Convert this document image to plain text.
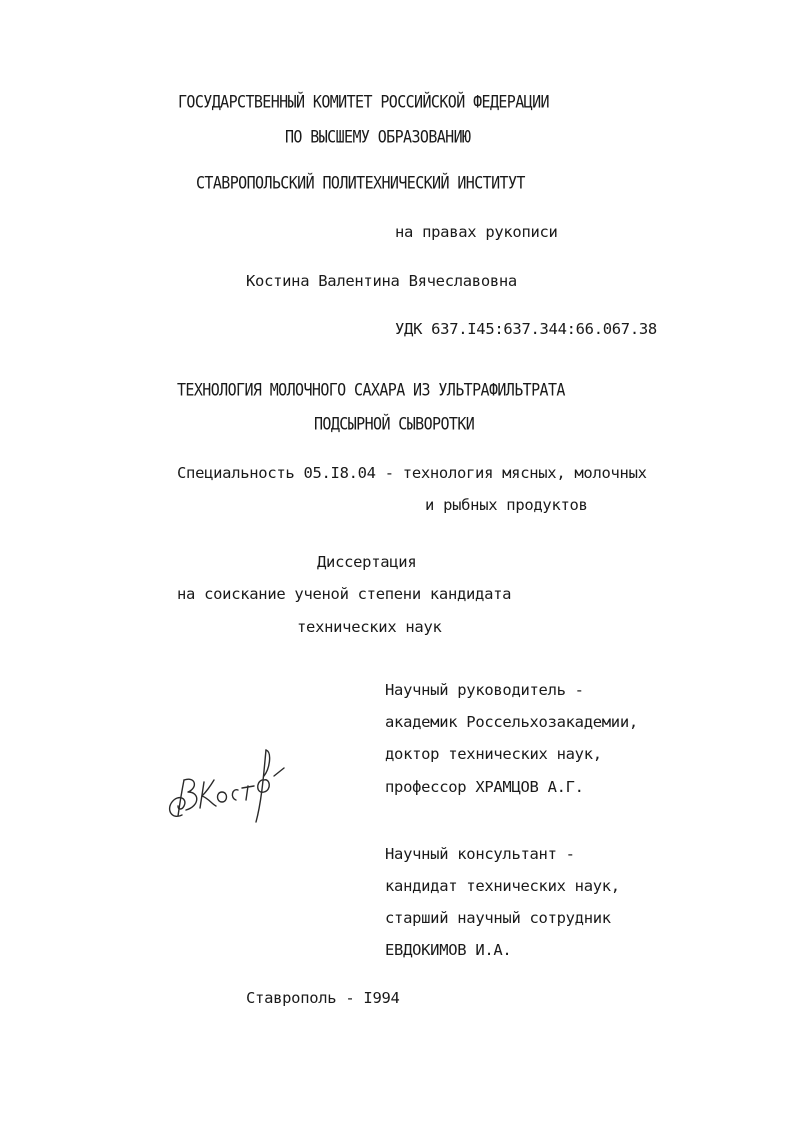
ГОСУДАРСТВЕННЫЙ КОМИТЕТ РОССИЙСКОЙ ФЕДЕРАЦИИ
ПО ВЫСШЕМУ ОБРАЗОВАНИЮ
СТАВРОПОЛЬСКИЙ ПОЛИТЕХНИЧЕСКИЙ ИНСТИТУТ
на правах рукописи
Костина Валентина Вячеславовна
УДК 637.I45:637.344:66.067.38
ТЕХНОЛОГИЯ МОЛОЧНОГО САХАРА ИЗ УЛЬТРАФИЛЬТРАТА
ПОДСЫРНОЙ СЫВОРОТКИ
Специальность 05.I8.04 - технология мясных, молочных
и рыбных продуктов
Диссертация
на соискание ученой степени кандидата
технических наук
Научный руководитель -
академик Россельхозакадемии,
доктор технических наук,
профессор ХРАМЦОВ А.Г.
Научный консультант -
кандидат технических наук,
старший научный сотрудник
ЕВДОКИМОВ И.А.
Ставрополь - I994
